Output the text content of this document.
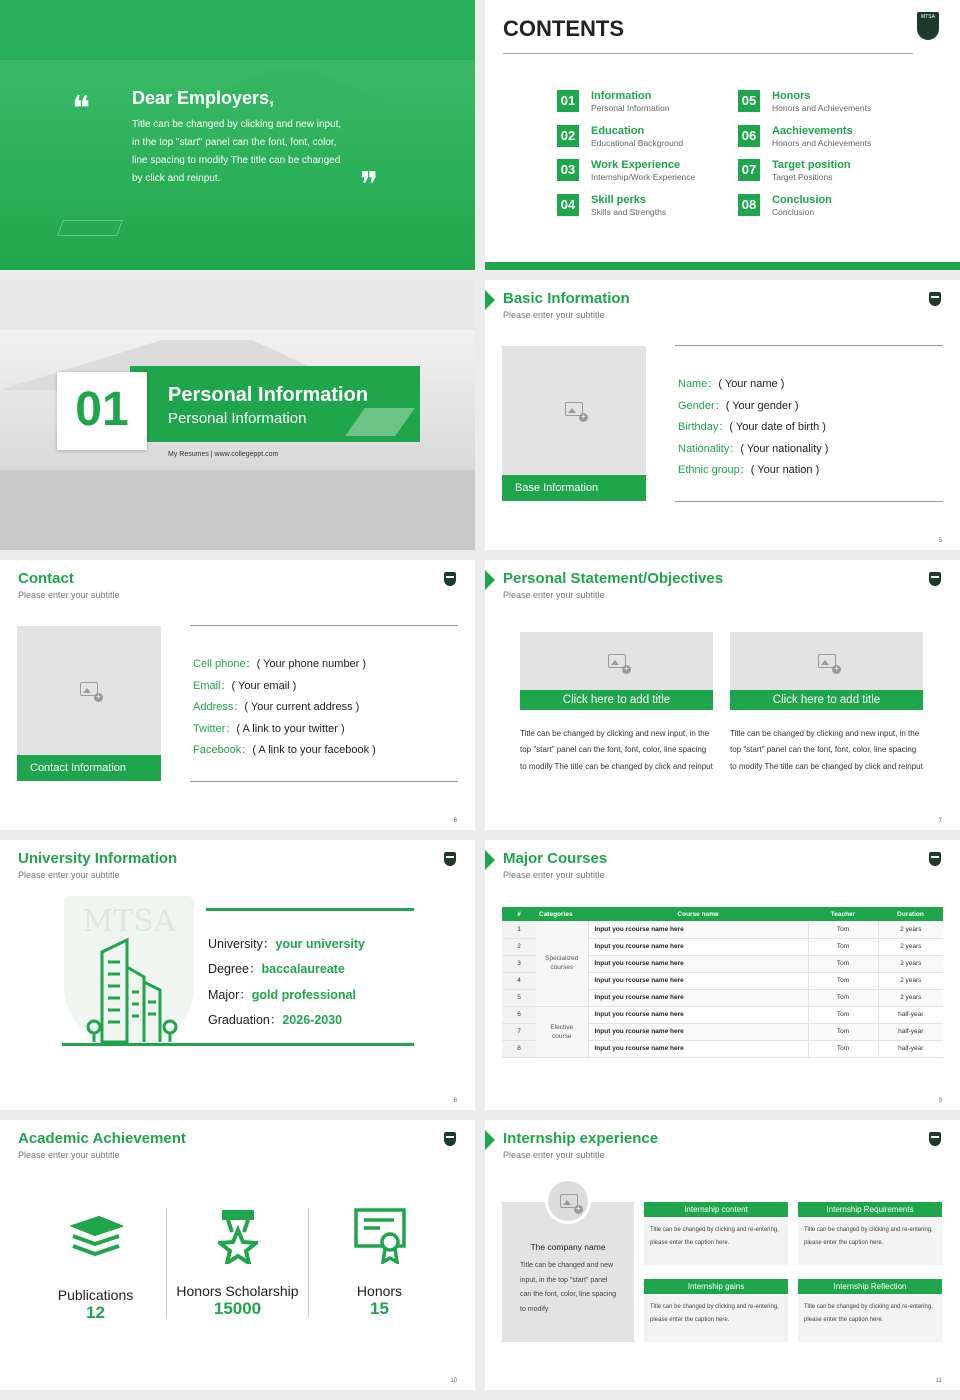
❝ Dear Employers,
Title can be changed by clicking and new input, in the top "start" panel can the font, font, color, line spacing to modify The title can be changed by click and reinput.	❞
CONTENTS	MTSA
01	Information
Personal Information
02	Education
Educational Background
03	Work Experience
Internship/Work Experience
04	Skill perks
Skills and Strengths
05	Honors
Honors and Achievements
06	Aachievements
Honors and Achievements
07	Target position
Target Positions
08	Conclusion
Conclusion
01	Personal Information
Personal Information
My Resumes | www.collegeppt.com
Basic Information
Please enter your subtitle
+
Base Information
Name：( Your name )
Gender：( Your gender )
Birthday：( Your date of birth )
Nationality：( Your nationality )
Ethnic group：( Your nation )
5
Contact
Please enter your subtitle
+
Contact Information
Cell phone：( Your phone number )
Email：( Your email )
Address：( Your current address )
Twitter：( A link to your twitter )
Facebook：( A link to your facebook )
6
Personal Statement/Objectives
Please enter your subtitle
+
Click here to add title
Title can be changed by clicking and new input, in the top "start" panel can the font, font, color, line spacing to modify The title can be changed by click and reinput
+
Click here to add title
Title can be changed by clicking and new input, in the top "start" panel can the font, font, color, line spacing to modify The title can be changed by click and reinput
7
University Information
Please enter your subtitle
MTSA
University：your university
Degree：baccalaureate
Major：gold professional
Graduation：2026-2030
8
Major Courses
Please enter your subtitle
#	Categories	Course name	Teacher	Duration
1	Specialized courses	Input you rcourse name here	Tom	2 years
2		Input you rcourse name here	Tom	2 years
3		Input you rcourse name here	Tom	2 years
4		Input you rcourse name here	Tom	2 years
5		Input you rcourse name here	Tom	2 years
6	Elective course	Input you rcourse name here	Tom	half-year
7		Input you rcourse name here	Tom	half-year
8		Input you rcourse name here	Tom	half-year
9
Academic Achievement
Please enter your subtitle
Publications
12
Honors Scholarship
15000
Honors
15
10
Internship experience
Please enter your subtitle
+
The company name
Title can be changed and new input, in the top "start" panel can the font, color, line spacing to modify
Internship content
Title can be changed by clicking and re-entering, please enter the caption here.
Internship Requirements
Title can be changed by clicking and re-entering, please enter the caption here.
Internship gains
Title can be changed by clicking and re-entering, please enter the caption here.
Internship Reflection
Title can be changed by clicking and re-entering, please enter the caption here.
11
